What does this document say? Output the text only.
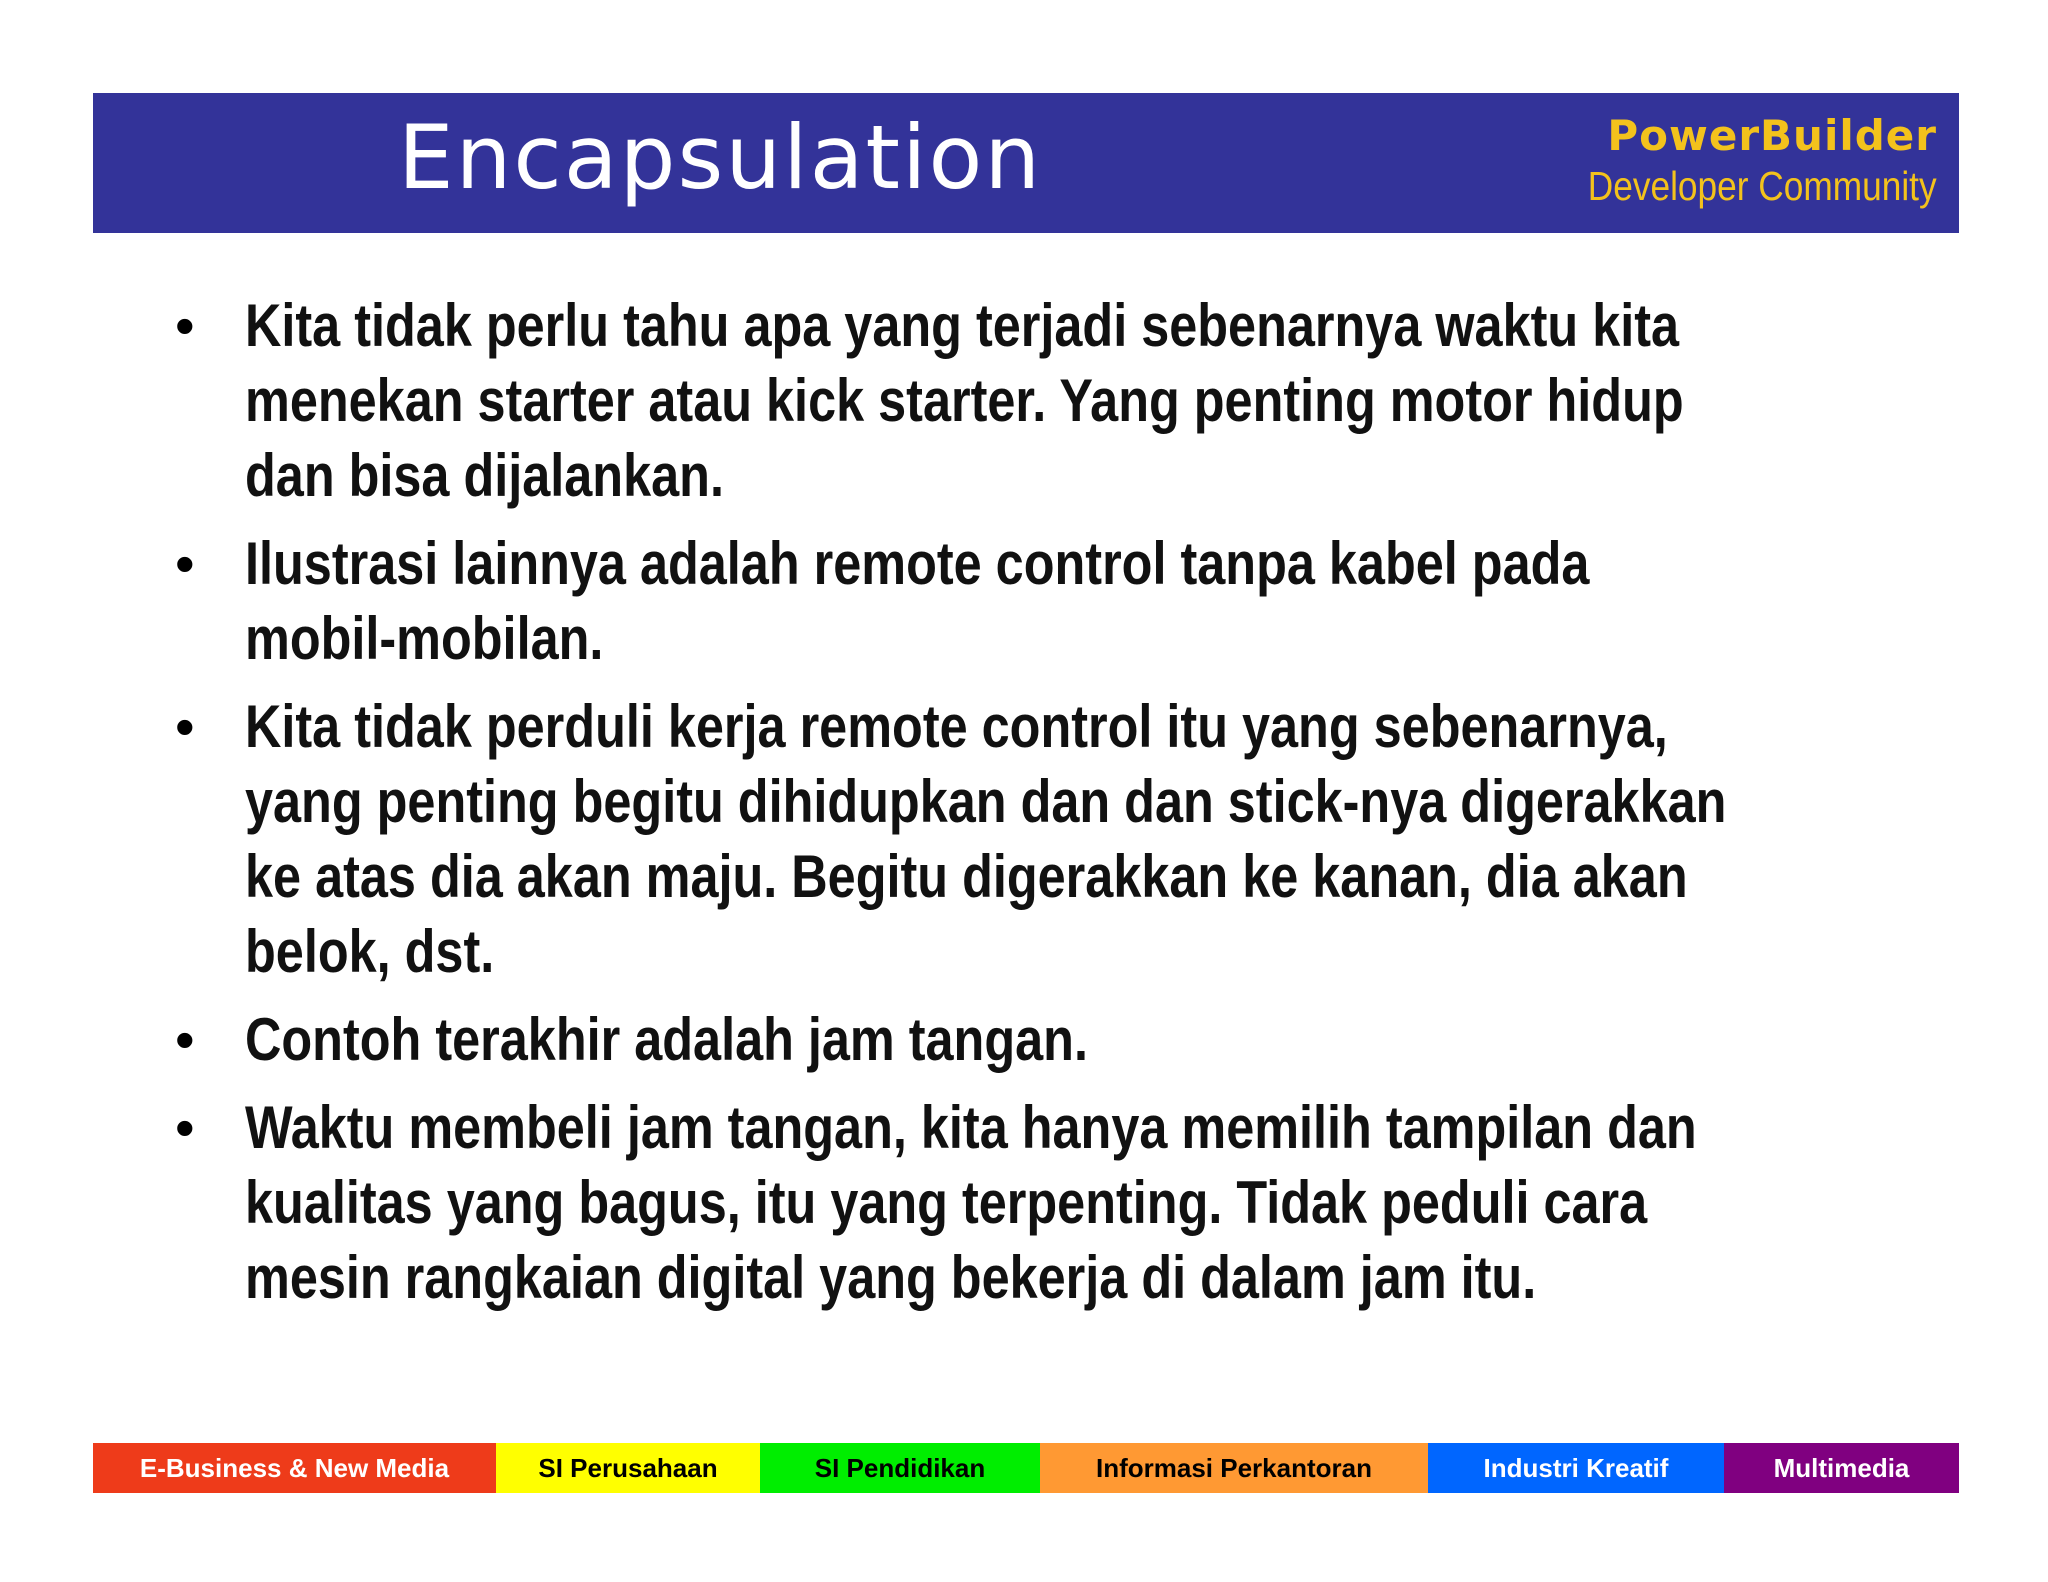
Encapsulation	PowerBuilder
Developer Community
• Kita tidak perlu tahu apa yang terjadi sebenarnya waktu kita
menekan starter atau kick starter. Yang penting motor hidup
dan bisa dijalankan.
• Ilustrasi lainnya adalah remote control tanpa kabel pada
mobil-mobilan.
• Kita tidak perduli kerja remote control itu yang sebenarnya,
yang penting begitu dihidupkan dan dan stick-nya digerakkan
ke atas dia akan maju. Begitu digerakkan ke kanan, dia akan
belok, dst.
• Contoh terakhir adalah jam tangan.
• Waktu membeli jam tangan, kita hanya memilih tampilan dan
kualitas yang bagus, itu yang terpenting. Tidak peduli cara
mesin rangkaian digital yang bekerja di dalam jam itu.
E-Business & New Media	SI Perusahaan	SI Pendidikan	Informasi Perkantoran	Industri Kreatif	Multimedia
